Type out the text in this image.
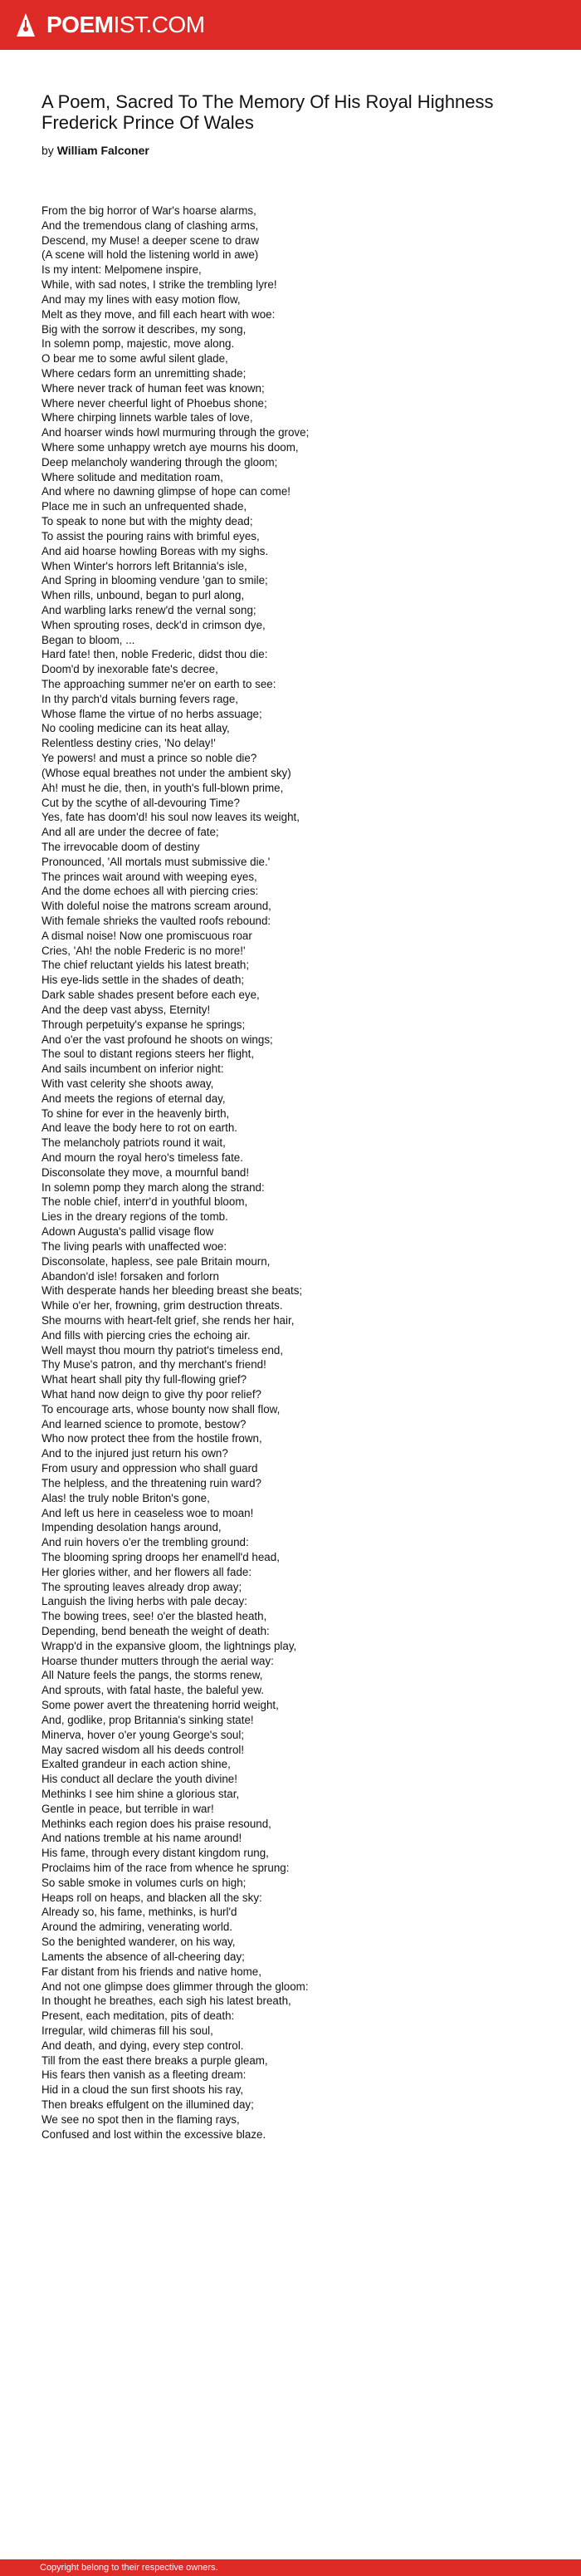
POEMIST.COM
A Poem, Sacred To The Memory Of His Royal Highness Frederick Prince Of Wales
by William Falconer
From the big horror of War's hoarse alarms,
And the tremendous clang of clashing arms,
Descend, my Muse! a deeper scene to draw
(A scene will hold the listening world in awe)
Is my intent: Melpomene inspire,
While, with sad notes, I strike the trembling lyre!
And may my lines with easy motion flow,
Melt as they move, and fill each heart with woe:
Big with the sorrow it describes, my song,
In solemn pomp, majestic, move along.
O bear me to some awful silent glade,
Where cedars form an unremitting shade;
Where never track of human feet was known;
Where never cheerful light of Phoebus shone;
Where chirping linnets warble tales of love,
And hoarser winds howl murmuring through the grove;
Where some unhappy wretch aye mourns his doom,
Deep melancholy wandering through the gloom;
Where solitude and meditation roam,
And where no dawning glimpse of hope can come!
Place me in such an unfrequented shade,
To speak to none but with the mighty dead;
To assist the pouring rains with brimful eyes,
And aid hoarse howling Boreas with my sighs.
When Winter's horrors left Britannia's isle,
And Spring in blooming vendure 'gan to smile;
When rills, unbound, began to purl along,
And warbling larks renew'd the vernal song;
When sprouting roses, deck'd in crimson dye,
Began to bloom, ...
Hard fate! then, noble Frederic, didst thou die:
Doom'd by inexorable fate's decree,
The approaching summer ne'er on earth to see:
In thy parch'd vitals burning fevers rage,
Whose flame the virtue of no herbs assuage;
No cooling medicine can its heat allay,
Relentless destiny cries, 'No delay!'
Ye powers! and must a prince so noble die?
(Whose equal breathes not under the ambient sky)
Ah! must he die, then, in youth's full-blown prime,
Cut by the scythe of all-devouring Time?
Yes, fate has doom'd! his soul now leaves its weight,
And all are under the decree of fate;
The irrevocable doom of destiny
Pronounced, 'All mortals must submissive die.'
The princes wait around with weeping eyes,
And the dome echoes all with piercing cries:
With doleful noise the matrons scream around,
With female shrieks the vaulted roofs rebound:
A dismal noise! Now one promiscuous roar
Cries, 'Ah! the noble Frederic is no more!'
The chief reluctant yields his latest breath;
His eye-lids settle in the shades of death;
Dark sable shades present before each eye,
And the deep vast abyss, Eternity!
Through perpetuity's expanse he springs;
And o'er the vast profound he shoots on wings;
The soul to distant regions steers her flight,
And sails incumbent on inferior night:
With vast celerity she shoots away,
And meets the regions of eternal day,
To shine for ever in the heavenly birth,
And leave the body here to rot on earth.
The melancholy patriots round it wait,
And mourn the royal hero's timeless fate.
Disconsolate they move, a mournful band!
In solemn pomp they march along the strand:
The noble chief, interr'd in youthful bloom,
Lies in the dreary regions of the tomb.
Adown Augusta's pallid visage flow
The living pearls with unaffected woe:
Disconsolate, hapless, see pale Britain mourn,
Abandon'd isle! forsaken and forlorn
With desperate hands her bleeding breast she beats;
While o'er her, frowning, grim destruction threats.
She mourns with heart-felt grief, she rends her hair,
And fills with piercing cries the echoing air.
Well mayst thou mourn thy patriot's timeless end,
Thy Muse's patron, and thy merchant's friend!
What heart shall pity thy full-flowing grief?
What hand now deign to give thy poor relief?
To encourage arts, whose bounty now shall flow,
And learned science to promote, bestow?
Who now protect thee from the hostile frown,
And to the injured just return his own?
From usury and oppression who shall guard
The helpless, and the threatening ruin ward?
Alas! the truly noble Briton's gone,
And left us here in ceaseless woe to moan!
Impending desolation hangs around,
And ruin hovers o'er the trembling ground:
The blooming spring droops her enamell'd head,
Her glories wither, and her flowers all fade:
The sprouting leaves already drop away;
Languish the living herbs with pale decay:
The bowing trees, see! o'er the blasted heath,
Depending, bend beneath the weight of death:
Wrapp'd in the expansive gloom, the lightnings play,
Hoarse thunder mutters through the aerial way:
All Nature feels the pangs, the storms renew,
And sprouts, with fatal haste, the baleful yew.
Some power avert the threatening horrid weight,
And, godlike, prop Britannia's sinking state!
Minerva, hover o'er young George's soul;
May sacred wisdom all his deeds control!
Exalted grandeur in each action shine,
His conduct all declare the youth divine!
Methinks I see him shine a glorious star,
Gentle in peace, but terrible in war!
Methinks each region does his praise resound,
And nations tremble at his name around!
His fame, through every distant kingdom rung,
Proclaims him of the race from whence he sprung:
So sable smoke in volumes curls on high;
Heaps roll on heaps, and blacken all the sky:
Already so, his fame, methinks, is hurl'd
Around the admiring, venerating world.
So the benighted wanderer, on his way,
Laments the absence of all-cheering day;
Far distant from his friends and native home,
And not one glimpse does glimmer through the gloom:
In thought he breathes, each sigh his latest breath,
Present, each meditation, pits of death:
Irregular, wild chimeras fill his soul,
And death, and dying, every step control.
Till from the east there breaks a purple gleam,
His fears then vanish as a fleeting dream:
Hid in a cloud the sun first shoots his ray,
Then breaks effulgent on the illumined day;
We see no spot then in the flaming rays,
Confused and lost within the excessive blaze.
Copyright belong to their respective owners.
